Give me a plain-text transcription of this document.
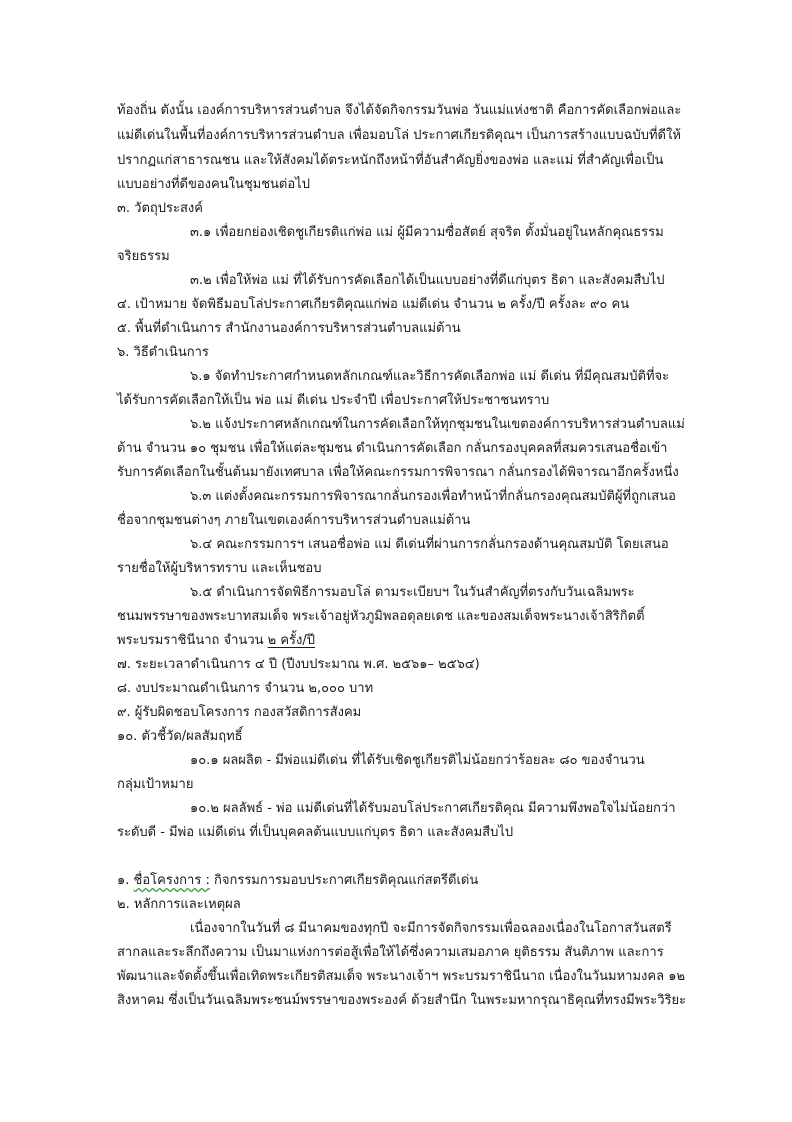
ท้องถิ่น ดังนั้น เองค์การบริหารส่วนตำบล จึงได้จัดกิจกรรมวันพ่อ วันแม่แห่งชาติ คือการคัดเลือกพ่อและ
แม่ดีเด่นในพื้นที่องค์การบริหารส่วนตำบล เพื่อมอบโล่ ประกาศเกียรติคุณฯ เป็นการสร้างแบบฉบับที่ดีให้
ปรากฏแก่สาธารณชน และให้สังคมได้ตระหนักถึงหน้าที่อันสำคัญยิ่งของพ่อ และแม่ ที่สำคัญเพื่อเป็น
แบบอย่างที่ดีของคนในชุมชนต่อไป
๓. วัตถุประสงค์
๓.๑ เพื่อยกย่องเชิดชูเกียรติแก่พ่อ แม่ ผู้มีความซื่อสัตย์ สุจริต ตั้งมั่นอยู่ในหลักคุณธรรม
จริยธรรม
๓.๒ เพื่อให้พ่อ แม่ ที่ได้รับการคัดเลือกได้เป็นแบบอย่างที่ดีแก่บุตร ธิดา และสังคมสืบไป
๔. เป้าหมาย จัดพิธีมอบโล่ประกาศเกียรติคุณแก่พ่อ แม่ดีเด่น จำนวน ๒ ครั้ง/ปี ครั้งละ ๙๐ คน
๕. พื้นที่ดำเนินการ สำนักงานองค์การบริหารส่วนตำบลแม่ต้าน
๖. วิธีดำเนินการ
๖.๑ จัดทำประกาศกำหนดหลักเกณฑ์และวิธีการคัดเลือกพ่อ แม่ ดีเด่น ที่มีคุณสมบัติที่จะ
ได้รับการคัดเลือกให้เป็น พ่อ แม่ ดีเด่น ประจำปี เพื่อประกาศให้ประชาชนทราบ
๖.๒ แจ้งประกาศหลักเกณฑ์ในการคัดเลือกให้ทุกชุมชนในเขตองค์การบริหารส่วนตำบลแม่
ต้าน จำนวน ๑๐ ชุมชน เพื่อให้แต่ละชุมชน ดำเนินการคัดเลือก กลั่นกรองบุคคลที่สมควรเสนอชื่อเข้า
รับการคัดเลือกในชั้นต้นมายังเทศบาล เพื่อให้คณะกรรมการพิจารณา กลั่นกรองได้พิจารณาอีกครั้งหนึ่ง
๖.๓ แต่งตั้งคณะกรรมการพิจารณากลั่นกรองเพื่อทำหน้าที่กลั่นกรองคุณสมบัติผู้ที่ถูกเสนอ
ชื่อจากชุมชนต่างๆ ภายในเขตเองค์การบริหารส่วนตำบลแม่ต้าน
๖.๔ คณะกรรมการฯ เสนอชื่อพ่อ แม่ ดีเด่นที่ผ่านการกลั่นกรองด้านคุณสมบัติ โดยเสนอ
รายชื่อให้ผู้บริหารทราบ และเห็นชอบ
๖.๕ ดำเนินการจัดพิธีการมอบโล่ ตามระเบียบฯ ในวันสำคัญที่ตรงกับวันเฉลิมพระ
ชนมพรรษาของพระบาทสมเด็จ พระเจ้าอยู่หัวภูมิพลอดุลยเดช และของสมเด็จพระนางเจ้าสิริกิตติ์
พระบรมราชินีนาถ จำนวน ๒ ครั้ง/ปี
๗. ระยะเวลาดำเนินการ ๔ ปี (ปีงบประมาณ พ.ศ. ๒๕๖๑– ๒๕๖๔)
๘. งบประมาณดำเนินการ จำนวน ๒,๐๐๐ บาท
๙. ผู้รับผิดชอบโครงการ กองสวัสดิการสังคม
๑๐. ตัวชี้วัด/ผลสัมฤทธิ์
๑๐.๑ ผลผลิต - มีพ่อแม่ดีเด่น ที่ได้รับเชิดชูเกียรติไม่น้อยกว่าร้อยละ ๘๐ ของจำนวน
กลุ่มเป้าหมาย
๑๐.๒ ผลลัพธ์ - พ่อ แม่ดีเด่นที่ได้รับมอบโล่ประกาศเกียรติคุณ มีความพึงพอใจไม่น้อยกว่า
ระดับดี - มีพ่อ แม่ดีเด่น ที่เป็นบุคคลต้นแบบแก่บุตร ธิดา และสังคมสืบไป
๑. ชื่อโครงการ : กิจกรรมการมอบประกาศเกียรติคุณแก่สตรีดีเด่น
๒. หลักการและเหตุผล
เนื่องจากในวันที่ ๘ มีนาคมของทุกปี จะมีการจัดกิจกรรมเพื่อฉลองเนื่องในโอกาสวันสตรี
สากลและระลึกถึงความ เป็นมาแห่งการต่อสู้เพื่อให้ได้ซึ่งความเสมอภาค ยุติธรรม สันติภาพ และการ
พัฒนาและจัดตั้งขึ้นเพื่อเทิดพระเกียรติสมเด็จ พระนางเจ้าฯ พระบรมราชินีนาถ เนื่องในวันมหามงคล ๑๒
สิงหาคม ซึ่งเป็นวันเฉลิมพระชนม์พรรษาของพระองค์ ด้วยสำนึก ในพระมหากรุณาธิคุณที่ทรงมีพระวิริยะ
